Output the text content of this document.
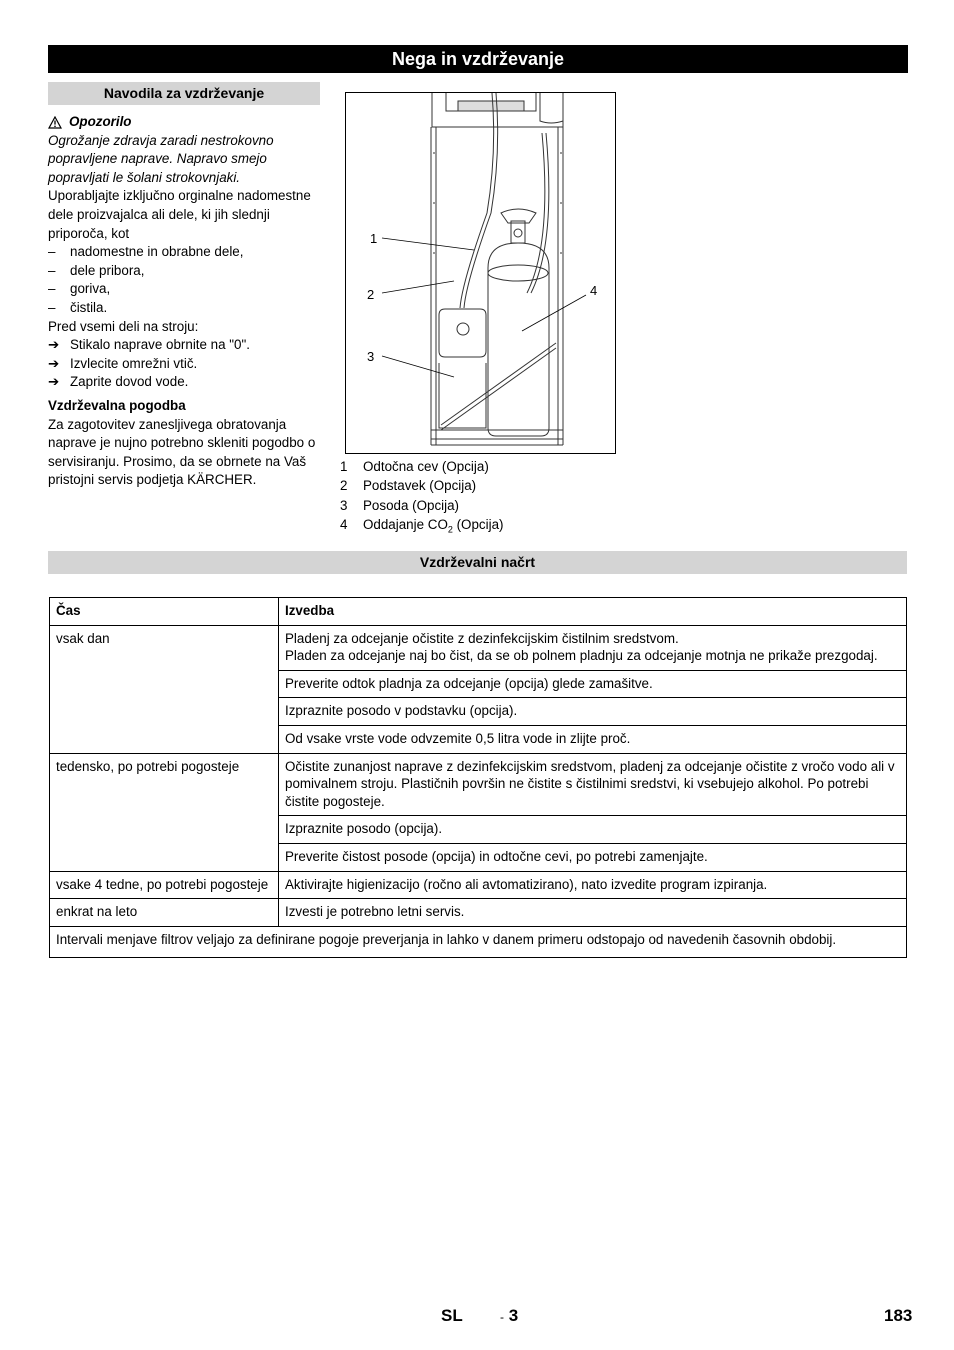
Nega in vzdrževanje
Navodila za vzdrževanje

Opozorilo

Ogrožanje zdravja zaradi nestrokovno popravljene naprave. Napravo smejo popravljati le šolani strokovnjaki.

Uporabljajte izključno orginalne nadomestne dele proizvajalca ali dele, ki jih slednji priporoča, kot

– nadomestne in obrabne dele,
– dele pribora,
– goriva,
– čistila.

Pred vsemi deli na stroju:

➔ Stikalo naprave obrnite na "0".
➔ Izvlecite omrežni vtič.
➔ Zaprite dovod vode.

Vzdrževalna pogodba

Za zagotovitev zanesljivega obratovanja naprave je nujno potrebno skleniti pogodbo o servisiranju. Prosimo, da se obrnete na Vaš pristojni servis podjetja KÄRCHER.

1
2
3
4
1	Odtočna cev (Opcija)
2	Podstavek (Opcija)
3	Posoda (Opcija)
4	Oddajanje $CO_2$ (Opcija)
Vzdrževalni načrt
Čas	Izvedba
vsak dan	Pladenj za odcejanje očistite z dezinfekcijskim čistilnim sredstvom.
Pladen za odcejanje naj bo čist, da se ob polnem pladnju za odcejanje motnja ne prikaže prezgodaj.
	Preverite odtok pladnja za odcejanje (opcija) glede zamašitve.
	Izpraznite posodo v podstavku (opcija).
	Od vsake vrste vode odvzemite 0,5 litra vode in zlijte proč.
tedensko, po potrebi pogosteje	Očistite zunanjost naprave z dezinfekcijskim sredstvom, pladenj za odcejanje očistite z vročo vodo ali v pomivalnem stroju. Plastičnih površin ne čistite s čistilnimi sredstvi, ki vsebujejo alkohol. Po potrebi čistite pogosteje.
	Izpraznite posodo (opcija).
	Preverite čistost posode (opcija) in odtočne cevi, po potrebi zamenjajte.
vsake 4 tedne, po potrebi pogosteje	Aktivirajte higienizacijo (ročno ali avtomatizirano), nato izvedite program izpiranja.
enkrat na leto	Izvesti je potrebno letni servis.
Intervali menjave filtrov veljajo za definirane pogoje preverjanja in lahko v danem primeru odstopajo od navedenih časovnih obdobij.	
SL	- 3	183
